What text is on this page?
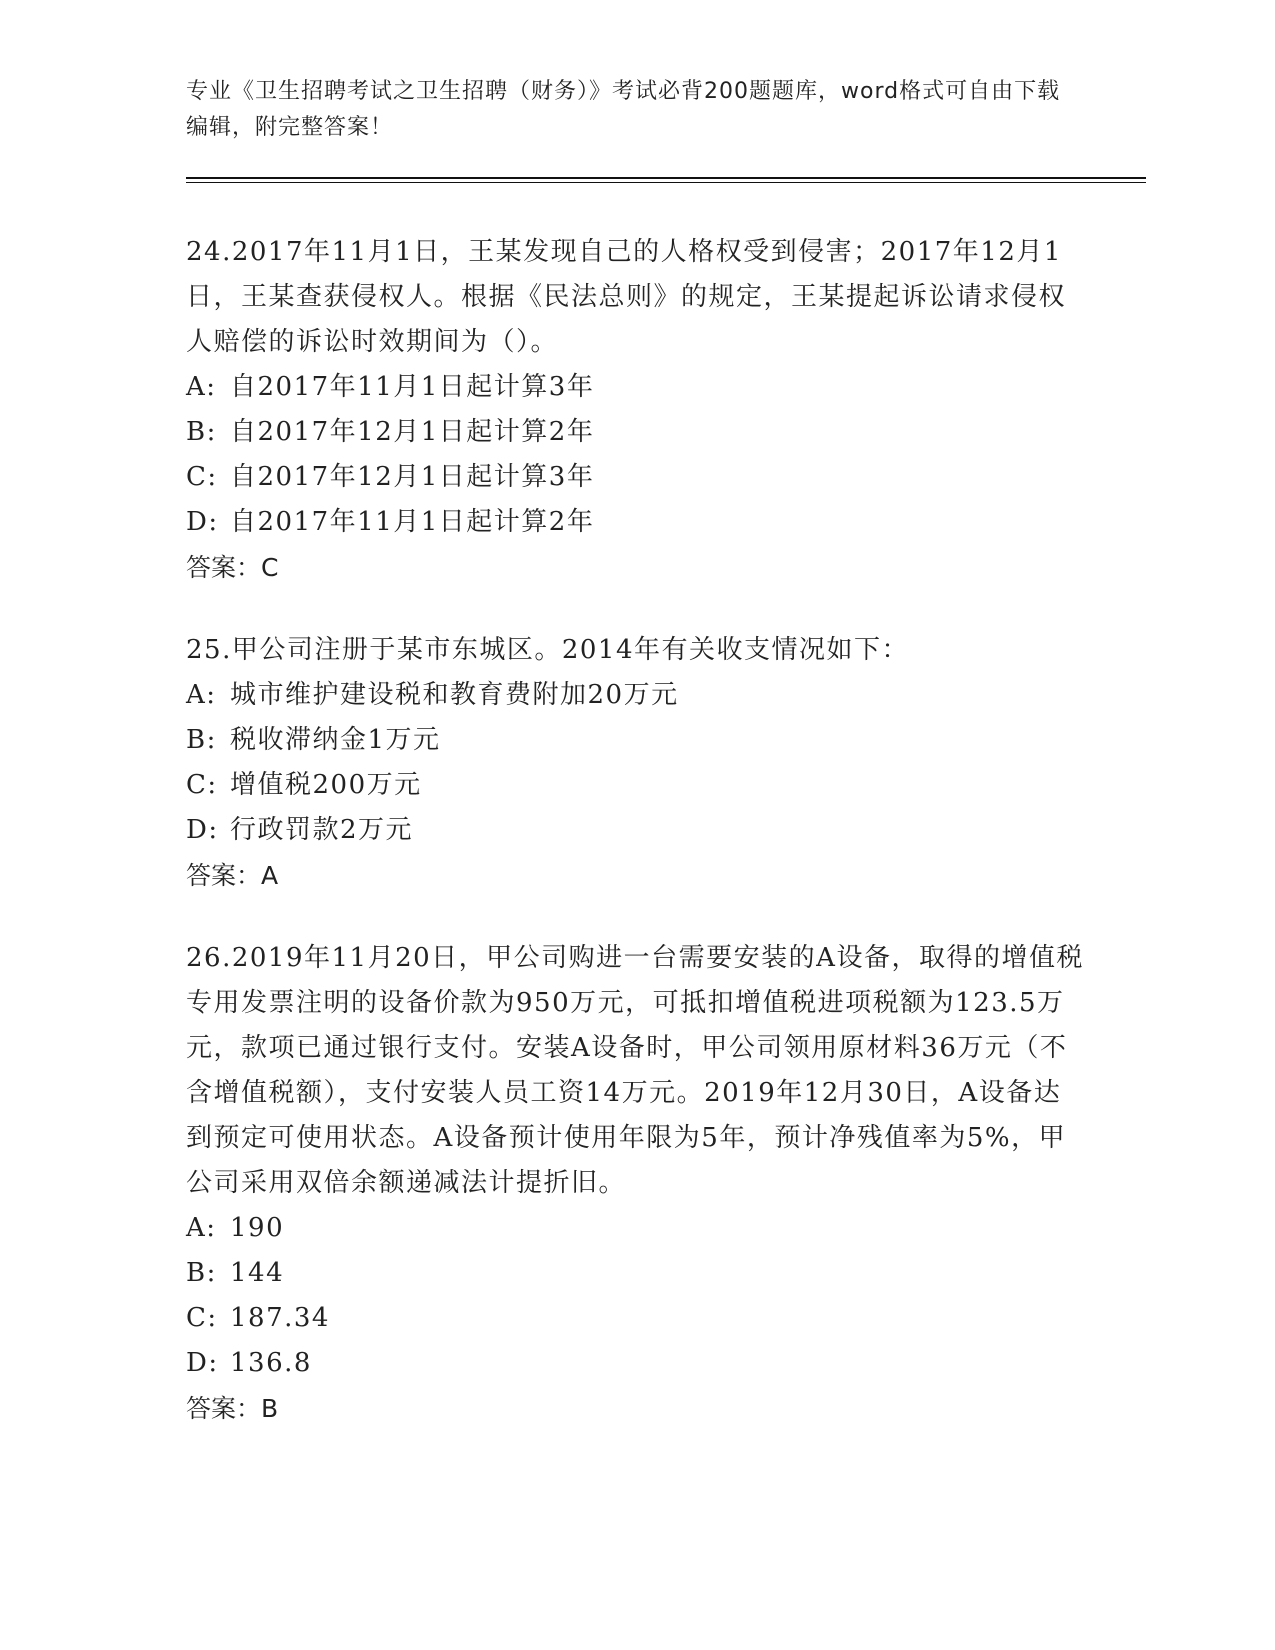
专业《卫生招聘考试之卫生招聘（财务）》考试必背200题题库，word格式可自由下载编辑，附完整答案！

24.2017年11月1日，王某发现自己的人格权受到侵害；2017年12月1日，王某查获侵权人。根据《民法总则》的规定，王某提起诉讼请求侵权人赔偿的诉讼时效期间为（）。

A: 自2017年11月1日起计算3年

B: 自2017年12月1日起计算2年

C: 自2017年12月1日起计算3年

D: 自2017年11月1日起计算2年

答案：C

25.甲公司注册于某市东城区。2014年有关收支情况如下：

A: 城市维护建设税和教育费附加20万元

B: 税收滞纳金1万元

C: 增值税200万元

D: 行政罚款2万元

答案：A

26.2019年11月20日，甲公司购进一台需要安装的A设备，取得的增值税专用发票注明的设备价款为950万元，可抵扣增值税进项税额为123.5万元，款项已通过银行支付。安装A设备时，甲公司领用原材料36万元（不含增值税额），支付安装人员工资14万元。2019年12月30日，A设备达到预定可使用状态。A设备预计使用年限为5年，预计净残值率为5%，甲公司采用双倍余额递减法计提折旧。

A: 190

B: 144

C: 187.34

D: 136.8

答案：B
